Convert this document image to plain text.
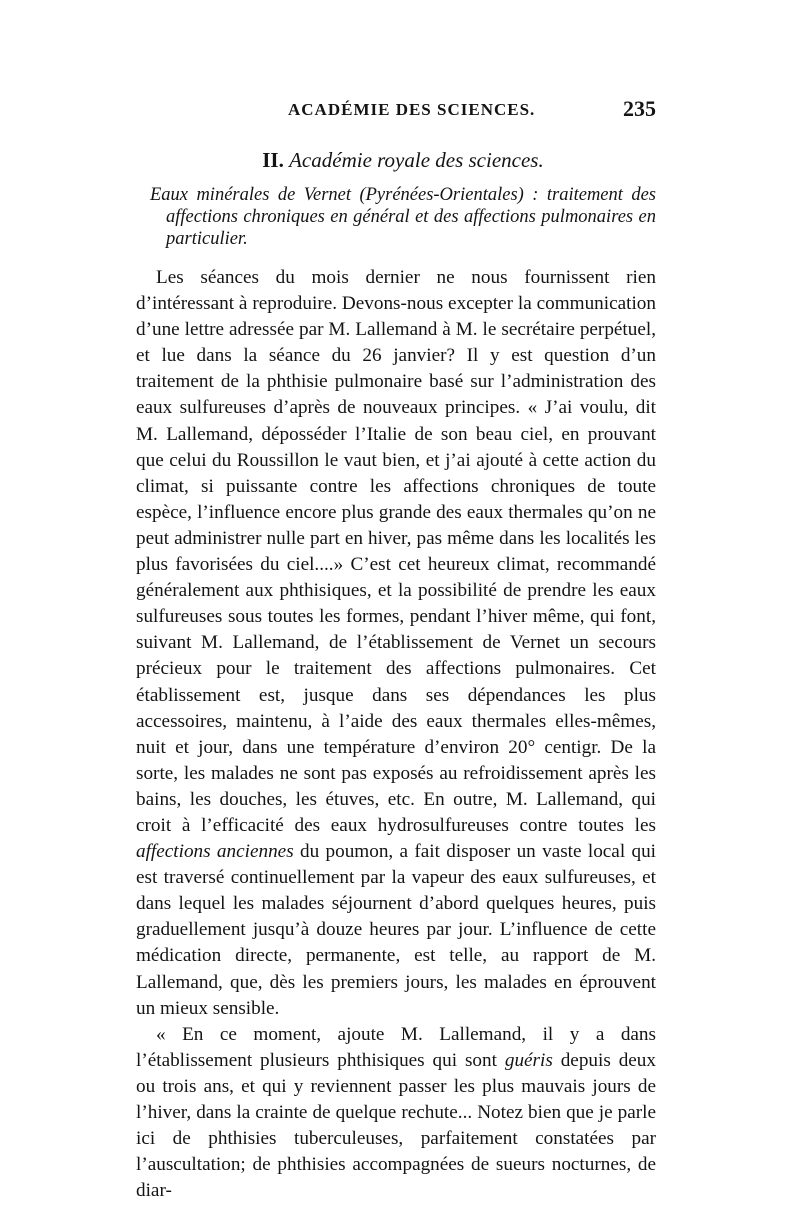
ACADÉMIE DES SCIENCES.	235
II. Académie royale des sciences.
Eaux minérales de Vernet (Pyrénées-Orientales) : traitement des affections chroniques en général et des affections pulmonaires en particulier.

Les séances du mois dernier ne nous fournissent rien d’intéressant à reproduire. Devons-nous excepter la communication d’une lettre adressée par M. Lallemand à M. le secrétaire perpétuel, et lue dans la séance du 26 janvier? Il y est question d’un traitement de la phthisie pulmonaire basé sur l’administration des eaux sulfureuses d’après de nouveaux principes. « J’ai voulu, dit M. Lallemand, déposséder l’Italie de son beau ciel, en prouvant que celui du Roussillon le vaut bien, et j’ai ajouté à cette action du climat, si puissante contre les affections chroniques de toute espèce, l’influence encore plus grande des eaux thermales qu’on ne peut administrer nulle part en hiver, pas même dans les localités les plus favorisées du ciel....» C’est cet heureux climat, recommandé généralement aux phthisiques, et la possibilité de prendre les eaux sulfureuses sous toutes les formes, pendant l’hiver même, qui font, suivant M. Lallemand, de l’établissement de Vernet un secours précieux pour le traitement des affections pulmonaires. Cet établissement est, jusque dans ses dépendances les plus accessoires, maintenu, à l’aide des eaux thermales elles-mêmes, nuit et jour, dans une température d’environ 20° centigr. De la sorte, les malades ne sont pas exposés au refroidissement après les bains, les douches, les étuves, etc. En outre, M. Lallemand, qui croit à l’efficacité des eaux hydrosulfureuses contre toutes les affections anciennes du poumon, a fait disposer un vaste local qui est traversé continuellement par la vapeur des eaux sulfureuses, et dans lequel les malades séjournent d’abord quelques heures, puis graduellement jusqu’à douze heures par jour. L’influence de cette médication directe, permanente, est telle, au rapport de M. Lallemand, que, dès les premiers jours, les malades en éprouvent un mieux sensible.

« En ce moment, ajoute M. Lallemand, il y a dans l’établissement plusieurs phthisiques qui sont guéris depuis deux ou trois ans, et qui y reviennent passer les plus mauvais jours de l’hiver, dans la crainte de quelque rechute... Notez bien que je parle ici de phthisies tuberculeuses, parfaitement constatées par l’auscultation; de phthisies accompagnées de sueurs nocturnes, de diar-
